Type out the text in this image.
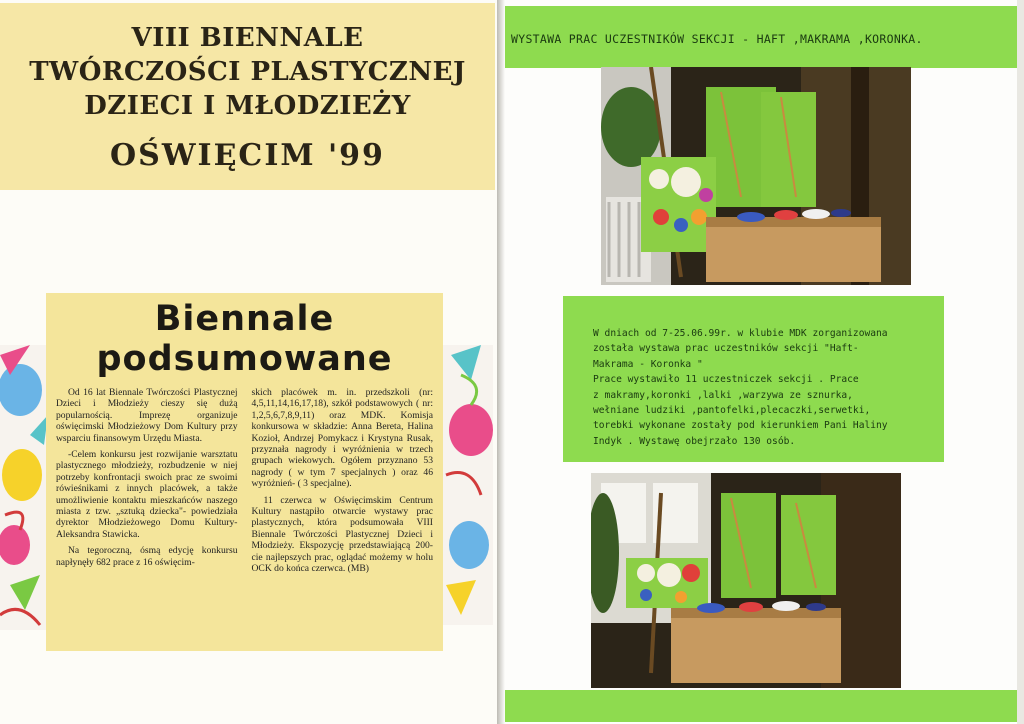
VIII BIENNALE
TWÓRCZOŚCI PLASTYCZNEJ
DZIECI I MŁODZIEŻY
OŚWIĘCIM '99
Biennale
podsumowane

Od 16 lat Biennale Twórczości Plastycznej Dzieci i Młodzieży cieszy się dużą popularnością. Imprezę organizuje oświęcimski Młodzieżowy Dom Kultury przy wsparciu finansowym Urzędu Miasta.

-Celem konkursu jest rozwijanie warsztatu plastycznego młodzieży, rozbudzenie w niej potrzeby konfrontacji swoich prac ze swoimi rówieśnikami z innych placówek, a także umożliwienie kontaktu mieszkańców naszego miasta z tzw. „sztuką dziecka"- powiedziała dyrektor Młodzieżowego Domu Kultury- Aleksandra Stawicka.

Na tegoroczną, ósmą edycję konkursu napłynęły 682 prace z 16 oświęcim-

skich placówek m. in. przedszkoli (nr: 4,5,11,14,16,17,18), szkół podstawowych ( nr: 1,2,5,6,7,8,9,11) oraz MDK. Komisja konkursowa w składzie: Anna Bereta, Halina Kozioł, Andrzej Pomykacz i Krystyna Rusak, przyznała nagrody i wyróżnienia w trzech grupach wiekowych. Ogółem przyznano 53 nagrody ( w tym 7 specjalnych ) oraz 46 wyróżnień- ( 3 specjalne).

11 czerwca w Oświęcimskim Centrum Kultury nastąpiło otwarcie wystawy prac plastycznych, która podsumowała VIII Biennale Twórczości Plastycznej Dzieci i Młodzieży. Ekspozycję przedstawiającą 200-cie najlepszych prac, oglądać możemy w holu OCK do końca czerwca. (MB)

WYSTAWA PRAC UCZESTNIKÓW SEKCJI - HAFT ,MAKRAMA ,KORONKA.
W dniach od 7-25.06.99r. w klubie MDK zorganizowana
została wystawa prac uczestników sekcji "Haft-
Makrama - Koronka "
Prace wystawiło 11 uczestniczek sekcji . Prace
z makramy,koronki ,lalki ,warzywa ze sznurka,
wełniane ludziki ,pantofelki,plecaczki,serwetki,
torebki wykonane zostały pod kierunkiem Pani Haliny
Indyk . Wystawę obejrzało 130 osób.
